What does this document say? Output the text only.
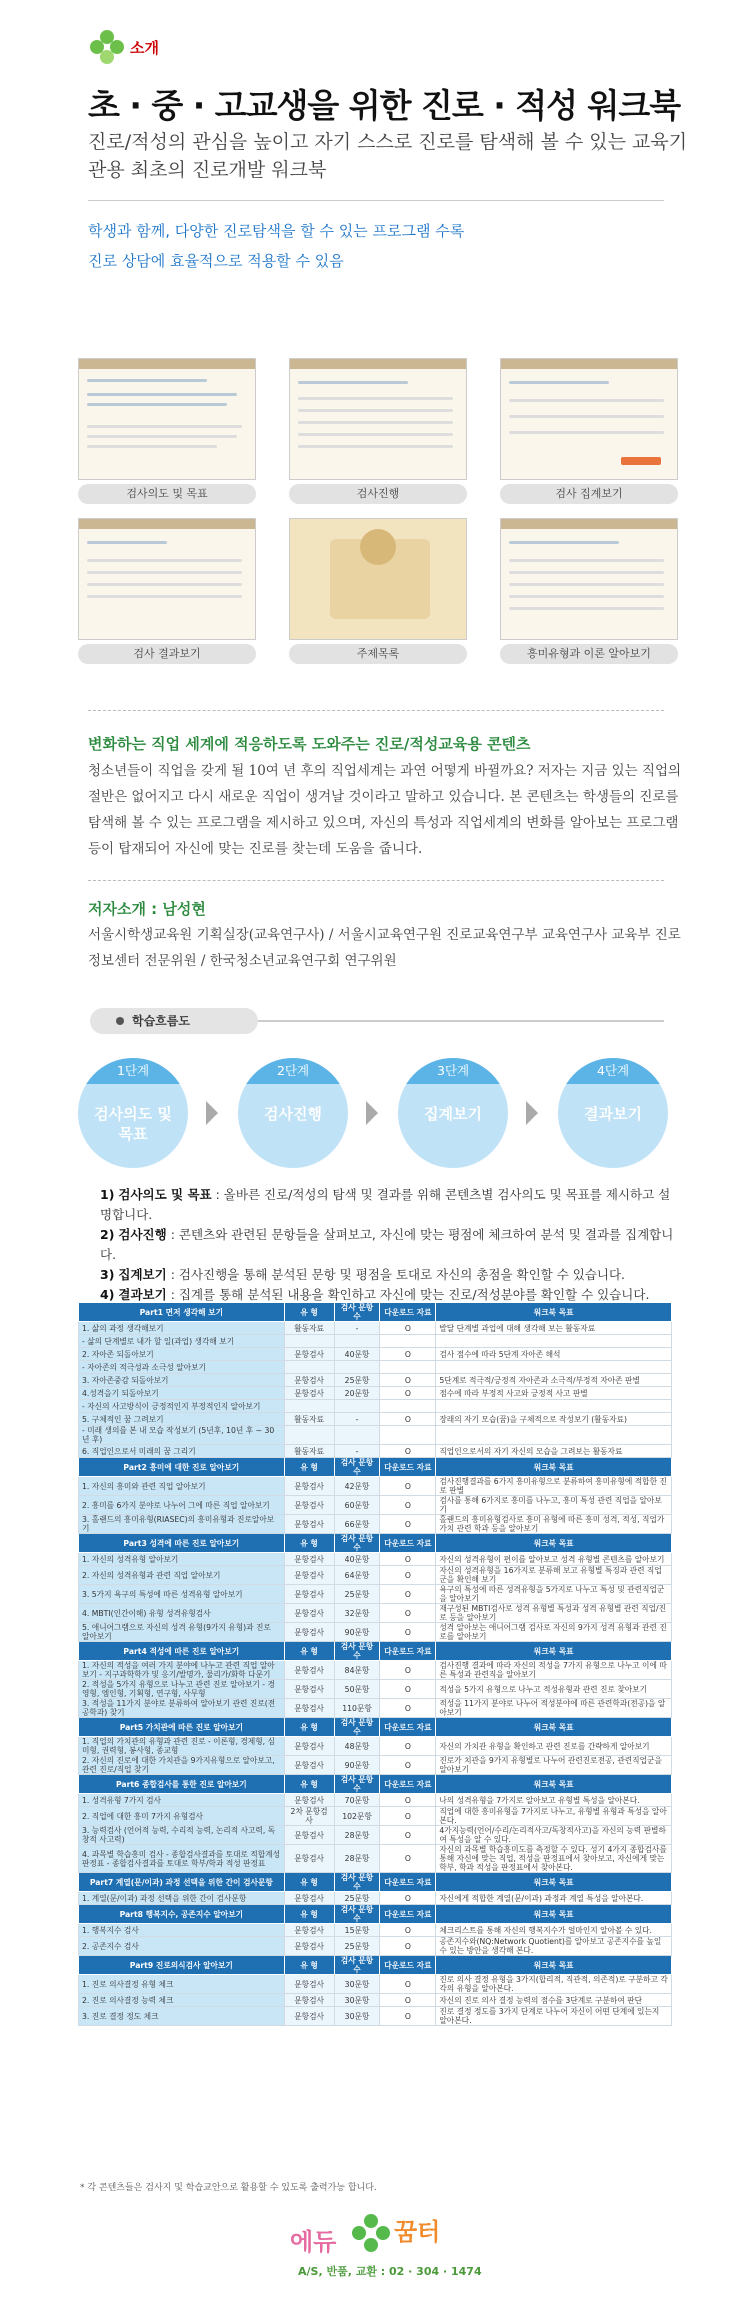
소개
초 · 중 · 고교생을 위한 진로 · 적성 워크북

진로/적성의 관심을 높이고 자기 스스로 진로를 탐색해 볼 수 있는 교육기관용 최초의 진로개발 워크북

학생과 함께, 다양한 진로탐색을 할 수 있는 프로그램 수록
진로 상담에 효율적으로 적용할 수 있음
검사의도 및 목표	검사진행	검사 집계보기
검사 결과보기	주제목록	흥미유형과 이론 알아보기
변화하는 직업 세계에 적응하도록 도와주는 진로/적성교육용 콘텐츠

청소년들이 직업을 갖게 될 10여 년 후의 직업세계는 과연 어떻게 바뀔까요? 저자는 지금 있는 직업의 절반은 없어지고 다시 새로운 직업이 생겨날 것이라고 말하고 있습니다. 본 콘텐츠는 학생들의 진로를 탐색해 볼 수 있는 프로그램을 제시하고 있으며, 자신의 특성과 직업세계의 변화를 알아보는 프로그램 등이 탑재되어 자신에 맞는 진로를 찾는데 도움을 줍니다.

저자소개 : 남성현

서울시학생교육원 기획실장(교육연구사) / 서울시교육연구원 진로교육연구부 교육연구사 교육부 진로정보센터 전문위원 / 한국청소년교육연구회 연구위원

학습흐름도
1단계
검사의도 및 목표
2단계
검사진행
3단계
집계보기
4단계
결과보기
1) 검사의도 및 목표 : 올바른 진로/적성의 탐색 및 결과를 위해 콘텐츠별 검사의도 및 목표를 제시하고 설명합니다.
2) 검사진행 : 콘텐츠와 관련된 문항들을 살펴보고, 자신에 맞는 평점에 체크하여 분석 및 결과를 집계합니다.
3) 집계보기 : 검사진행을 통해 분석된 문항 및 평점을 토대로 자신의 총점을 확인할 수 있습니다.
4) 결과보기 : 집계를 통해 분석된 내용을 확인하고 자신에 맞는 진로/적성분야를 확인할 수 있습니다.
Part1 면저 생각해 보기	유 형	검사 문항수	다운로드 자료	워크북 목표
1. 삶의 과정 생각해보기	활동자료	-	O	발달 단계별 과업에 대해 생각해 보는 활동자료
- 삶의 단계별로 내가 할 일(과업) 생각해 보기				
2. 자아존 되돌아보기	문항검사	40문항	O	검사 점수에 따라 5단계 자아존 해석
- 자아존의 적극성과 소극성 알아보기				
3. 자아존중감 되돌아보기	문항검사	25문항	O	5단계로 적극적/긍정적 자아존과 소극적/부정적 자아존 판별
4.성격을기 되돌아보기	문항검사	20문항	O	점수에 따라 부정적 사고와 긍정적 사고 판별
- 자신의 사고방식이 긍정적인지 부정적인지 알아보기				
5. 구체적인 꿈 그려보기	활동자료	-	O	장래의 자기 모습(꿈)을 구체적으로 작성보기 (활동자료)
- 미래 생의를 본 내 모습 작성보기 (5년후, 10년 후 ~ 30년 후)				
6. 직업인으로서 미래의 꿈 그리기	활동자료	-	O	직업인으로서의 자기 자신의 모습을 그려보는 활동자료
Part2 흥미에 대한 진로 알아보기	유 형	검사 문항수	다운로드 자료	워크북 목표
1. 자신의 흥미와 관련 직업 알아보기	문항검사	42문항	O	검사진행결과를 6가지 흥미유형으로 분류하여 흥미유형에 적합한 진로 판별
2. 흥미를 6가지 분야로 나누어 그에 따른 직업 알아보기	문항검사	60문항	O	검사를 통해 6가지로 흥미를 나누고, 흥미 특성 관련 직업을 알아보기
3. 홀랜드의 흥미유형(RIASEC)의 흥미유형과 진로알아보기	문항검사	66문항	O	홀랜드의 흥미유형검사로 흥미 유형에 따른 흥미 성격, 적성, 직업가 가치 관련 학과 등을 알아보기
Part3 성격에 따른 진로 알아보기	유 형	검사 문항수	다운로드 자료	워크북 목표
1. 자신의 성격유형 알아보기	문항검사	40문항	O	자신의 성격유형이 편이를 알아보고 성격 유형별 콘텐츠를 알아보기
2. 자신의 성격유형과 관련 직업 알아보기	문항검사	64문항	O	자신의 성격유형을 16가지로 분류해 보고 유형별 특징과 관련 직업군을 확인해 보기
3. 5가지 욕구의 특성에 따른 성격유형 알아보기	문항검사	25문항	O	욕구의 특성에 따른 성격유형을 5가지로 나누고 특성 및 관련직업군을 알아보기
4. MBTI(인간이해) 유형 성격유형검사	문항검사	32문항	O	재구성된 MBTI검사로 성격 유형별 특성과 성격 유형별 관련 직업/진로 등을 알아보기
5. 애니어그램으로 자신의 성격 유형(9가지 유형)과 진로 알아보기	문항검사	90문항	O	성격 알아보는 애니어그램 검사로 자신의 9가지 성격 유형과 관련 진로를 알아보기
Part4 적성에 따른 진로 알아보기	유 형	검사 문항수	다운로드 자료	워크북 목표
1. 자신의 적성을 여러 가지 분야에 나누고 관련 직업 알아보기 - 지구과학학가 및 응기/발명가, 물리가/화학 다문기	문항검사	84문항	O	검사진행 결과에 따라 자신의 적성을 7가지 유형으로 나누고 이에 따른 특성과 관련직을 알아보기
2. 적성을 5가지 유형으로 나누고 관련 진로 알아보기 - 경영형, 엠인형, 기획형, 연구형, 사무형	문항검사	50문항	O	적성을 5가지 유형으로 나누고 적성유형과 관련 진로 찾아보기
3. 적성을 11가지 분야로 분류하여 알아보기 관련 진로(전공학과) 찾기	문항검사	110문항	O	적성을 11가지 분야로 나누어 적성분야에 따른 관련학과(전공)을 알아보기
Part5 가치관에 따른 진로 알아보기	유 형	검사 문항수	다운로드 자료	워크북 목표
1. 직업의 가치관의 유형과 관련 진로 - 이론형, 경제형, 심미형, 권력형, 봉사형, 종교형	문항검사	48문항	O	자신의 가치관 유형을 확인하고 관련 진로를 간략하게 알아보기
2. 자신의 진로에 대한 가치관을 9가지유형으로 알아보고, 관련 진로/직업 찾기	문항검사	90문항	O	진로가 치관을 9가지 유형별로 나누어 관련진로전공, 관련직업군을 알아보기
Part6 종합검사를 통한 진로 알아보기	유 형	검사 문항수	다운로드 자료	워크북 목표
1. 성격유형 7가지 검사	문항검사	70문항	O	나의 성격유형을 7가지로 알아보고 유형별 특성을 알아본다.
2. 직업에 대한 흥미 7가지 유형검사	2차 문항검사	102문항	O	직업에 대한 흥미유형을 7가지로 나누고, 유형별 유형과 특성을 알아본다.
3. 능력검사 (언어적 능력, 수리적 능력, 논리적 사고력, 독창적 사고력)	문항검사	28문항	O	4가지능력(언어/수리/논리적사고/독창적사고)을 자신의 능력 판별하여 특성을 알 수 있다.
4. 과목별 학습흥미 검사 - 종합검사결과를 토대로 적합계성 판정표 - 종합검사결과를 토대로 학부/학과 적성 판정표	문항검사	28문항	O	자신의 과목별 학습흥미도를 측정할 수 있다. 성기 4가지 종합검사를 통해 자신에 맞는 직업, 적성을 판정표에서 찾아보고, 자신에게 맞는 학부, 학과 적성을 판정표에서 찾아본다.
Part7 계열(문/이과) 과정 선택을 위한 간이 검사문항	유 형	검사 문항수	다운로드 자료	워크북 목표
1. 계열(문/이과) 과정 선택을 위한 간이 검사문항	문항검사	25문항	O	자신에게 적합한 계열(문/이과) 과정과 계열 특성을 알아본다.
Part8 행복지수, 공존지수 알아보기	유 형	검사 문항수	다운로드 자료	워크북 목표
1. 행복지수 검사	문항검사	15문항	O	체크리스트를 통해 자신의 행복지수가 얼마인지 알아볼 수 있다.
2. 공존지수 검사	문항검사	25문항	O	공존지수와(NQ:Network Quotient)를 알아보고 공존지수를 높일 수 있는 방안을 생각해 본다.
Part9 진로의식검사 알아보기	유 형	검사 문항수	다운로드 자료	워크북 목표
1. 진로 의사결정 유형 체크	문항검사	30문항	O	진로 의사 결정 유형을 3가지(합리적, 직관적, 의존적)로 구분하고 각각의 유형을 알아본다.
2. 진로 의사결정 능력 체크	문항검사	30문항	O	자신의 진로 의사 결정 능력의 점수를 3단계로 구분하여 판단
3. 진로 결정 정도 체크	문항검사	30문항	O	진로 결정 정도를 3가지 단계로 나누어 자신이 어떤 단계에 있는지 알아본다.
* 각 콘텐츠들은 검사지 및 학습교안으로 활용할 수 있도록 출력가능 합니다.
에듀 꿈터
A/S, 반품, 교환 : 02 · 304 · 1474
